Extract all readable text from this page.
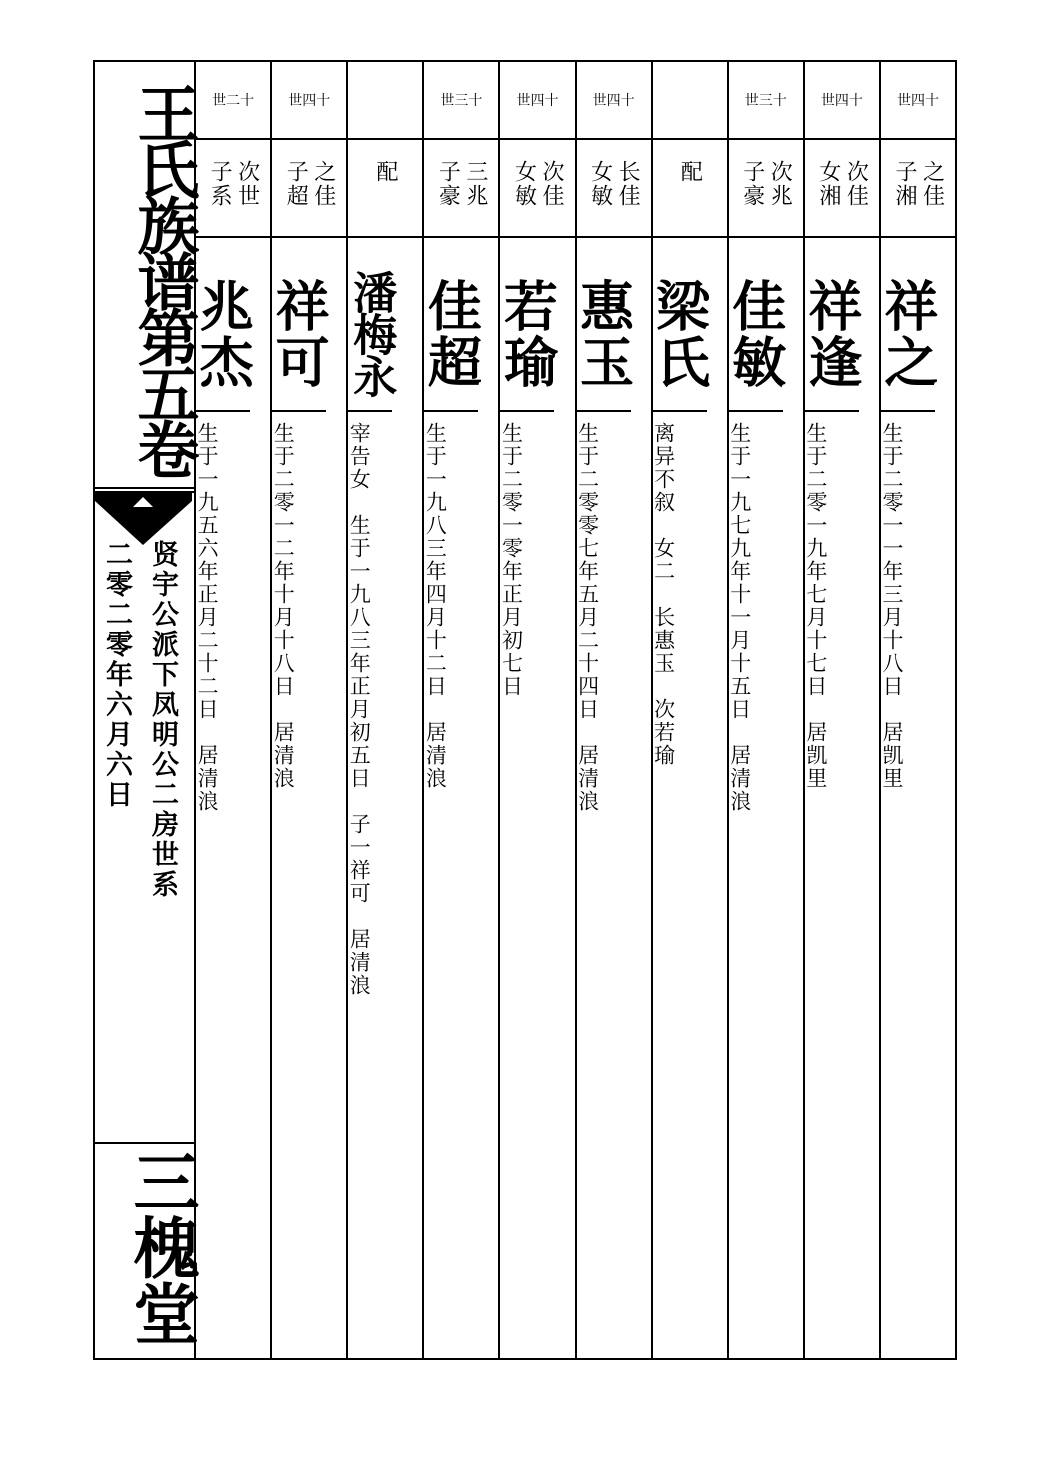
王氏族谱第五卷
贤宇公派下凤明公二房世系
二零二零年六月六日
三槐堂
世四十
之佳
子湘
祥之
生于二零一一年三月十八日　居凯里
世四十
次佳
女湘
祥逢
生于二零一九年七月十七日　居凯里
世三十
次兆
子豪
佳敏
生于一九七九年十一月十五日　居清浪
配
梁氏
离异不叙　女二　长惠玉　次若瑜
世四十
长佳
女敏
惠玉
生于二零零七年五月二十四日　居清浪
世四十
次佳
女敏
若瑜
生于二零一零年正月初七日
世三十
三兆
子豪
佳超
生于一九八三年四月十二日　居清浪
配
潘梅永
宰告女　生于一九八三年正月初五日　子一祥可　居清浪
世四十
之佳
子超
祥可
生于二零一二年十月十八日　居清浪
世二十
次世
子系
兆杰
生于一九五六年正月二十二日　居清浪
